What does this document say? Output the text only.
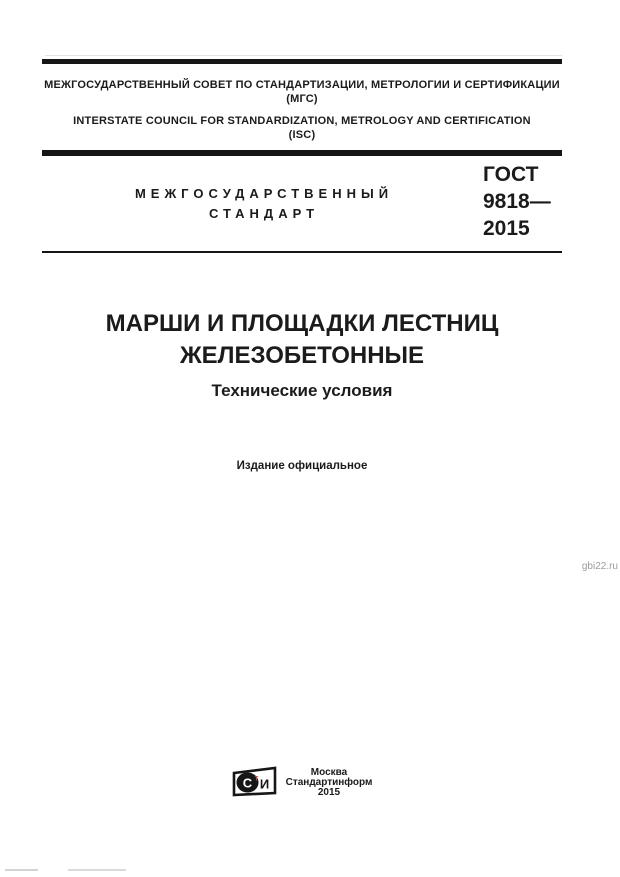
МЕЖГОСУДАРСТВЕННЫЙ СОВЕТ ПО СТАНДАРТИЗАЦИИ, МЕТРОЛОГИИ И СЕРТИФИКАЦИИ
(МГС)
INTERSTATE COUNCIL FOR STANDARDIZATION, METROLOGY AND CERTIFICATION
(ISC)
МЕЖГОСУДАРСТВЕННЫЙ
СТАНДАРТ
ГОСТ
9818—
2015
МАРШИ И ПЛОЩАДКИ ЛЕСТНИЦ
ЖЕЛЕЗОБЕТОННЫЕ
Технические условия
Издание официальное
gbi22.ru
С т И
Москва
Стандартинформ
2015
